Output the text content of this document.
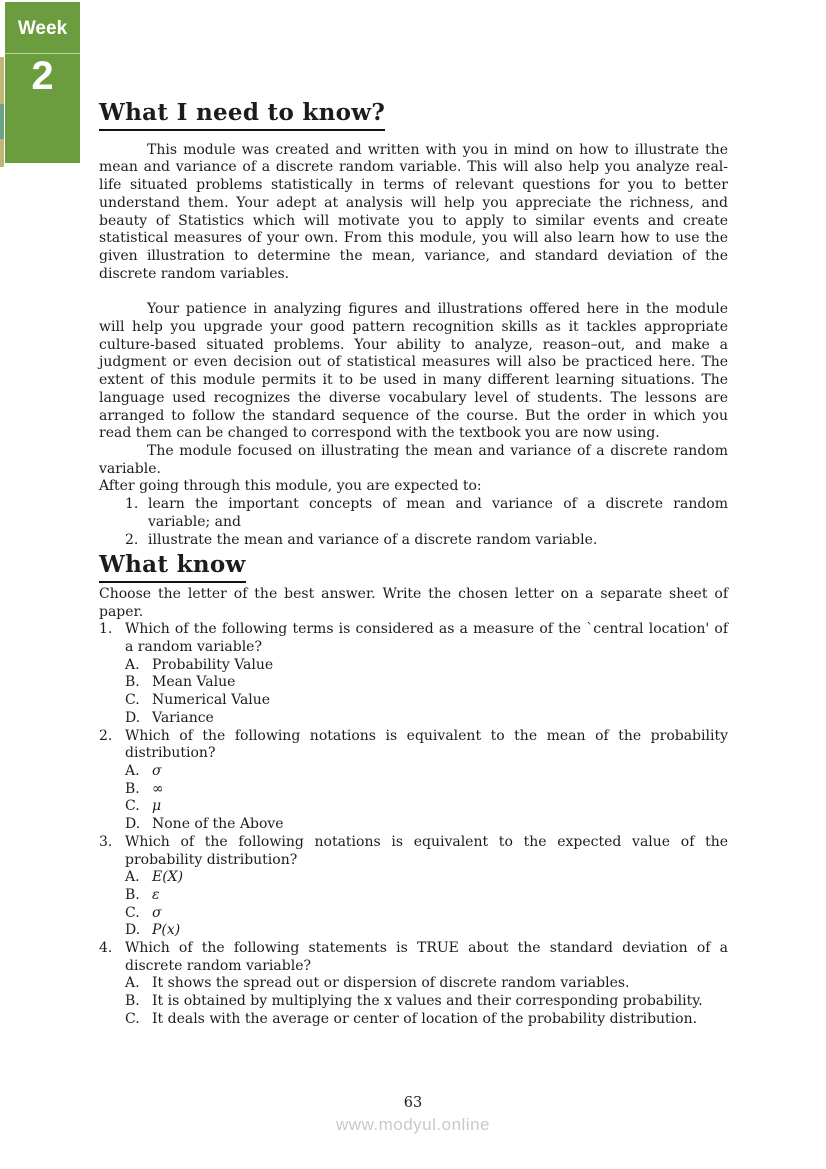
Week
2
What I need to know?

This module was created and written with you in mind on how to illustrate the mean and variance of a discrete random variable. This will also help you analyze real-life situated problems statistically in terms of relevant questions for you to better understand them. Your adept at analysis will help you appreciate the richness, and beauty of Statistics which will motivate you to apply to similar events and create statistical measures of your own. From this module, you will also learn how to use the given illustration to determine the mean, variance, and standard deviation of the discrete random variables.

Your patience in analyzing figures and illustrations offered here in the module will help you upgrade your good pattern recognition skills as it tackles appropriate culture-based situated problems. Your ability to analyze, reason–out, and make a judgment or even decision out of statistical measures will also be practiced here. The extent of this module permits it to be used in many different learning situations. The language used recognizes the diverse vocabulary level of students. The lessons are arranged to follow the standard sequence of the course. But the order in which you read them can be changed to correspond with the textbook you are now using.

The module focused on illustrating the mean and variance of a discrete random variable.

After going through this module, you are expected to:

1. learn the important concepts of mean and variance of a discrete random variable; and
2. illustrate the mean and variance of a discrete random variable.
What know

Choose the letter of the best answer. Write the chosen letter on a separate sheet of paper.

1. Which of the following terms is considered as a measure of the `central location' of a random variable?
A. Probability Value
B. Mean Value
C. Numerical Value
D. Variance
2. Which of the following notations is equivalent to the mean of the probability distribution?
A. σ
B. ∞
C. μ
D. None of the Above
3. Which of the following notations is equivalent to the expected value of the probability distribution?
A. E(X)
B. ε
C. σ
D. P(x)
4. Which of the following statements is TRUE about the standard deviation of a discrete random variable?
A. It shows the spread out or dispersion of discrete random variables.
B. It is obtained by multiplying the x values and their corresponding probability.
C. It deals with the average or center of location of the probability distribution.
63
www.modyul.online
